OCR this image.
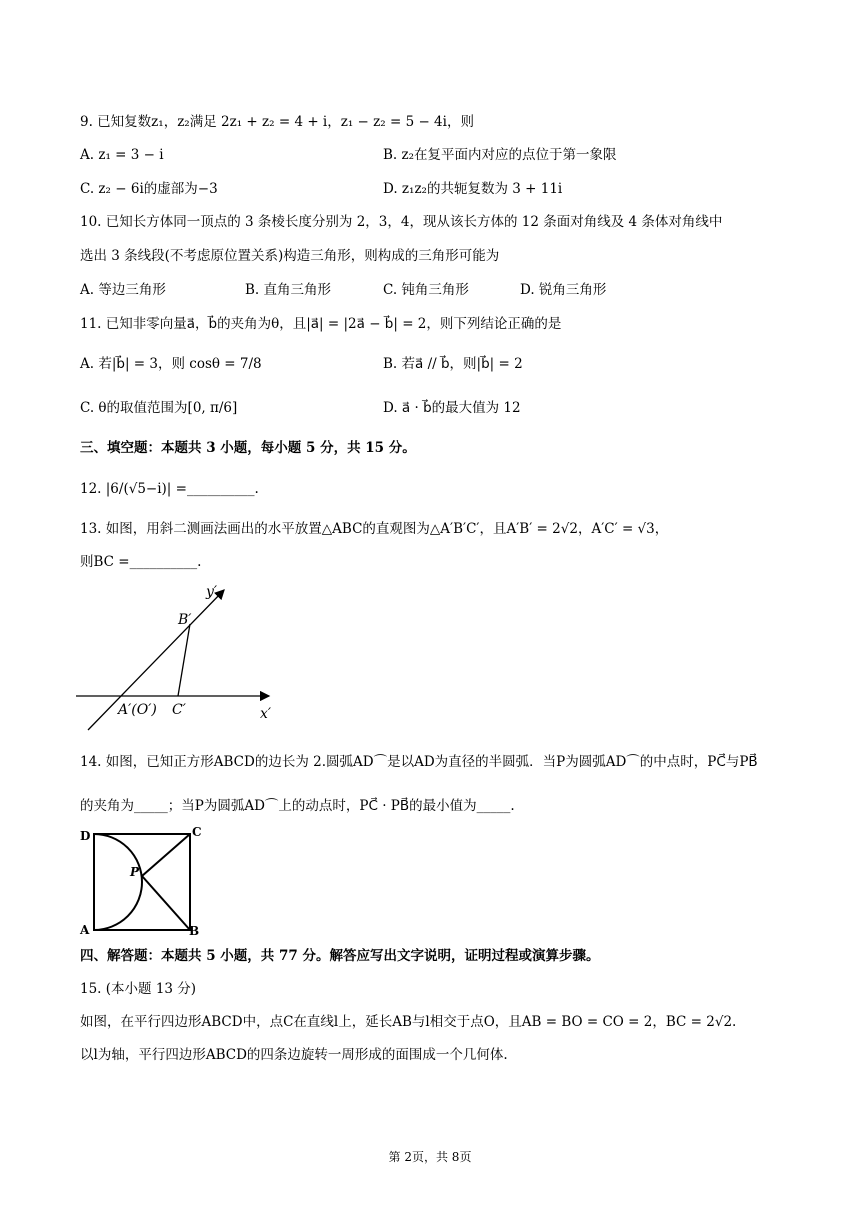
9. 已知复数z₁，z₂满足 2z₁ + z₂ = 4 + i，z₁ − z₂ = 5 − 4i，则
A. z₁ = 3 − i	B. z₂在复平面内对应的点位于第一象限
C. z₂ − 6i的虚部为−3	D. z₁z₂的共轭复数为 3 + 11i
10. 已知长方体同一顶点的 3 条棱长度分别为 2，3，4，现从该长方体的 12 条面对角线及 4 条体对角线中
选出 3 条线段(不考虑原位置关系)构造三角形，则构成的三角形可能为
A. 等边三角形	B. 直角三角形	C. 钝角三角形	D. 锐角三角形
11. 已知非零向量a⃗，b⃗的夹角为θ，且|a⃗| = |2a⃗ − b⃗| = 2，则下列结论正确的是
A. 若|b⃗| = 3，则 cosθ = 7/8	B. 若a⃗ // b⃗，则|b⃗| = 2
C. θ的取值范围为[0, π/6]	D. a⃗ · b⃗的最大值为 12
三、填空题：本题共 3 小题，每小题 5 分，共 15 分。
12. |6/(√5−i)| =__________.
13. 如图，用斜二测画法画出的水平放置△ABC的直观图为△A′B′C′，且A′B′ = 2√2，A′C′ = √3，
则BC =__________.
y′
x′
B′
C′
A′(O′)
14. 如图，已知正方形ABCD的边长为 2.圆弧AD⌒是以AD为直径的半圆弧．当P为圆弧AD⌒的中点时，PC⃗与PB⃗
的夹角为_____；当P为圆弧AD⌒上的动点时，PC⃗ · PB⃗的最小值为_____.
D	C
A	B
P
四、解答题：本题共 5 小题，共 77 分。解答应写出文字说明，证明过程或演算步骤。
15. (本小题 13 分)
如图，在平行四边形ABCD中，点C在直线l上，延长AB与l相交于点O，且AB = BO = CO = 2，BC = 2√2.
以l为轴，平行四边形ABCD的四条边旋转一周形成的面围成一个几何体.
第 2页，共 8页
